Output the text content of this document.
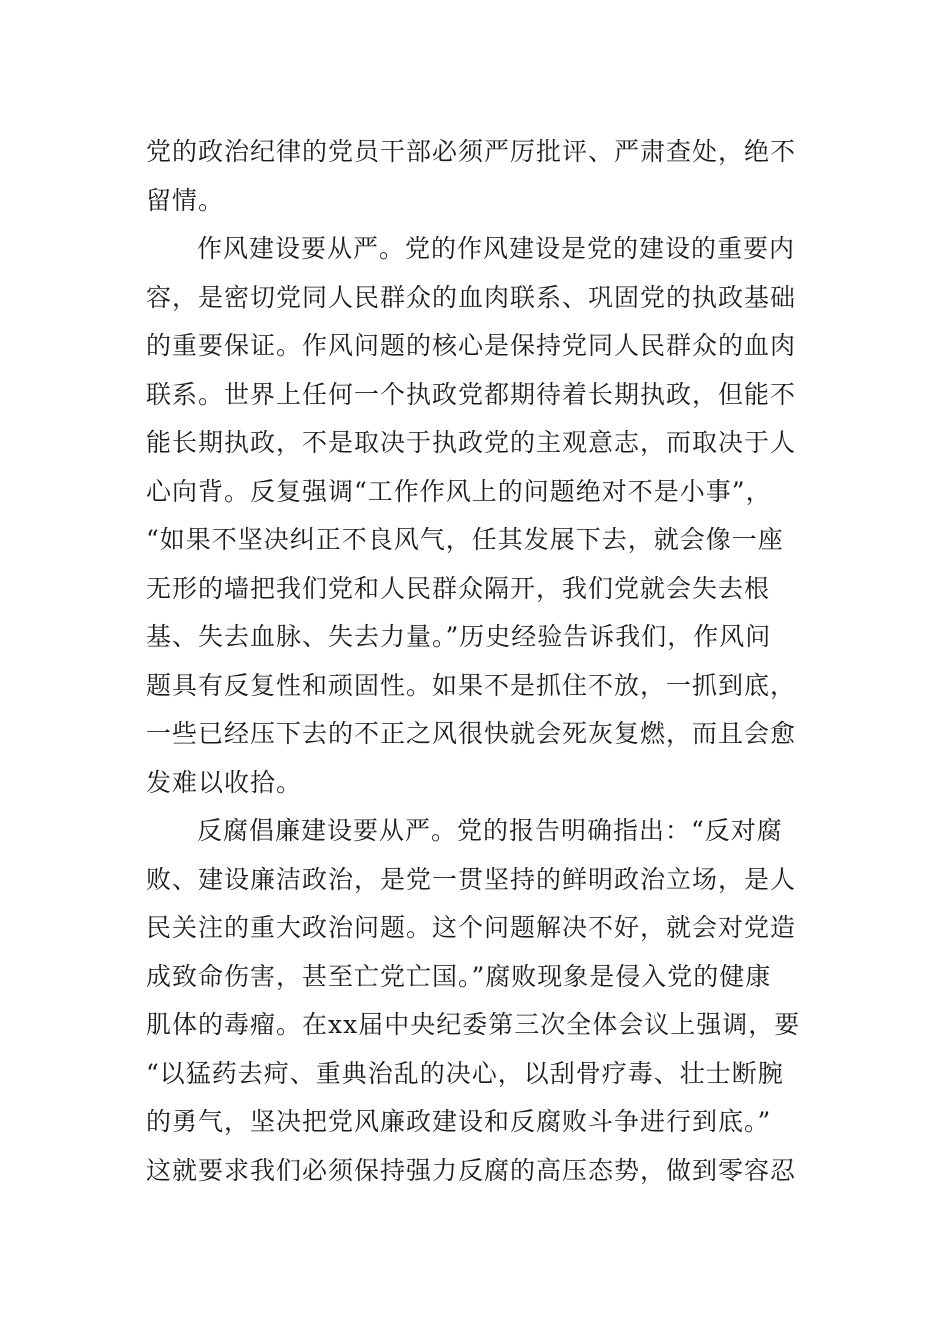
党的政治纪律的党员干部必须严厉批评、严肃查处，绝不
留情。
作风建设要从严。党的作风建设是党的建设的重要内
容，是密切党同人民群众的血肉联系、巩固党的执政基础
的重要保证。作风问题的核心是保持党同人民群众的血肉
联系。世界上任何一个执政党都期待着长期执政，但能不
能长期执政，不是取决于执政党的主观意志，而取决于人
心向背。反复强调“工作作风上的问题绝对不是小事”，
“如果不坚决纠正不良风气，任其发展下去，就会像一座
无形的墙把我们党和人民群众隔开，我们党就会失去根
基、失去血脉、失去力量。”历史经验告诉我们，作风问
题具有反复性和顽固性。如果不是抓住不放，一抓到底，
一些已经压下去的不正之风很快就会死灰复燃，而且会愈
发难以收拾。
反腐倡廉建设要从严。党的报告明确指出：“反对腐
败、建设廉洁政治，是党一贯坚持的鲜明政治立场，是人
民关注的重大政治问题。这个问题解决不好，就会对党造
成致命伤害，甚至亡党亡国。”腐败现象是侵入党的健康
肌体的毒瘤。在xx届中央纪委第三次全体会议上强调，要
“以猛药去疴、重典治乱的决心，以刮骨疗毒、壮士断腕
的勇气，坚决把党风廉政建设和反腐败斗争进行到底。”
这就要求我们必须保持强力反腐的高压态势，做到零容忍
